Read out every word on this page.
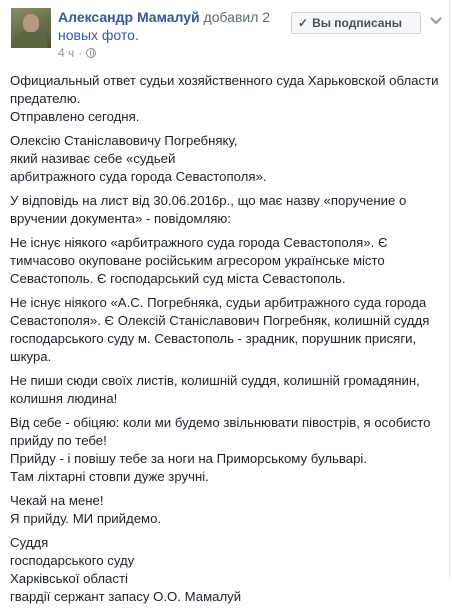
Александр Мамалуй добавил 2 новых фото.
4 ч ·
✓ Вы подписаны

Официальный ответ судьи хозяйственного суда Харьковской области предателю.
Отправлено сегодня.

Олексію Станіславовичу Погребняку,
який називає себе «судьей
арбитражного суда города Севастополя».

У відповідь на лист від 30.06.2016р., що має назву «поручение о вручении документа» - повідомляю:

Не існує ніякого «арбитражного суда города Севастополя». Є тимчасово окуповане російським агресором українське місто Севастополь. Є господарський суд міста Севастополь.

Не існує ніякого «А.С. Погребняка, судьи арбитражного суда города Севастополя». Є Олексій Станіславович Погребняк, колишній суддя господарського суду м. Севастополь - зрадник, порушник присяги, шкура.

Не пиши сюди своїх листів, колишній суддя, колишній громадянин, колишня людина!

Від себе - обіцяю: коли ми будемо звільнювати півострів, я особисто прийду по тебе!
Прийду - і повішу тебе за ноги на Приморському бульварі.
Там ліхтарні стовпи дуже зручні.

Чекай на мене!
Я прийду. МИ прийдемо.

Суддя
господарського суду
Харківської області
гвардії сержант запасу О.О. Мамалуй
